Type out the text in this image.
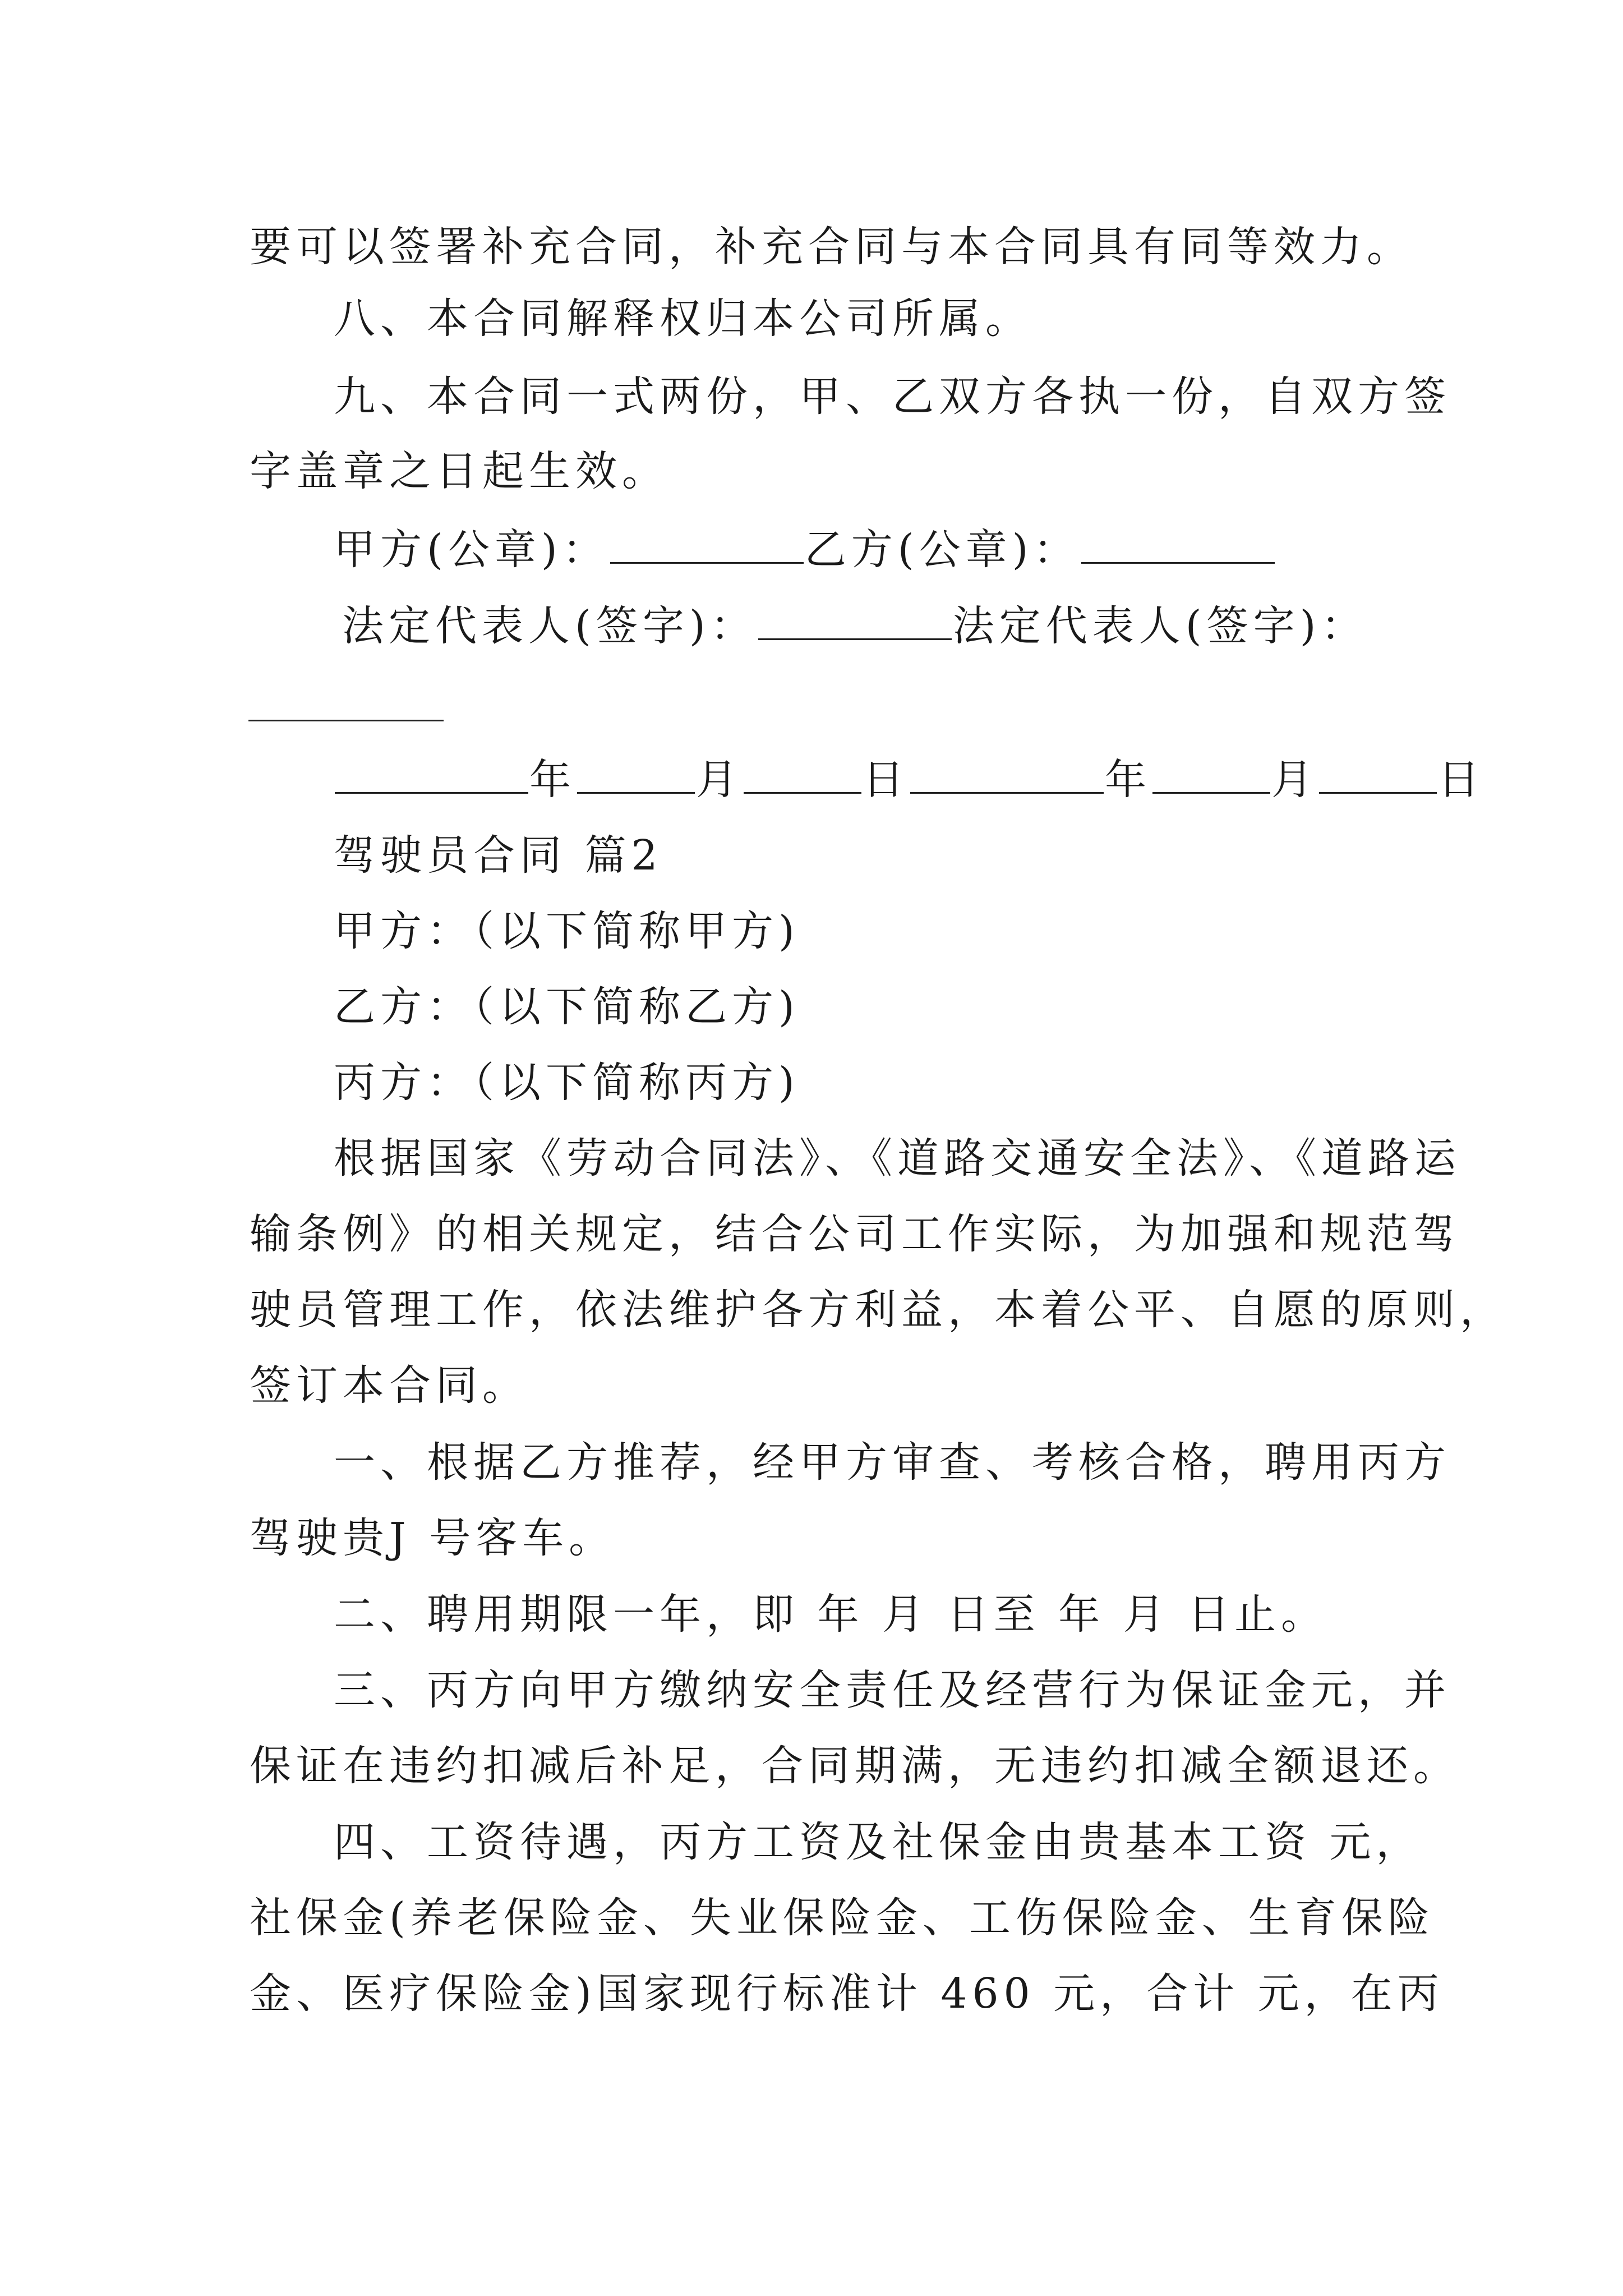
要可以签署补充合同，补充合同与本合同具有同等效力。

八、本合同解释权归本公司所属。

九、本合同一式两份，甲、乙双方各执一份，自双方签

字盖章之日起生效。

甲方(公章)：	乙方(公章)：

法定代表人(签字)：	法定代表人(签字)：

年	月	日	年	月	日

驾驶员合同 篇2

甲方：（以下简称甲方)

乙方：（以下简称乙方)

丙方：（以下简称丙方)

根据国家《劳动合同法》、《道路交通安全法》、《道路运

输条例》的相关规定，结合公司工作实际，为加强和规范驾

驶员管理工作，依法维护各方利益，本着公平、自愿的原则，

签订本合同。

一、根据乙方推荐，经甲方审查、考核合格，聘用丙方

驾驶贵J 号客车。

二、聘用期限一年，即 年 月 日至 年 月 日止。

三、丙方向甲方缴纳安全责任及经营行为保证金元，并

保证在违约扣减后补足，合同期满，无违约扣减全额退还。

四、工资待遇，丙方工资及社保金由贵基本工资 元，

社保金(养老保险金、失业保险金、工伤保险金、生育保险

金、医疗保险金)国家现行标准计 460 元，合计 元，在丙
